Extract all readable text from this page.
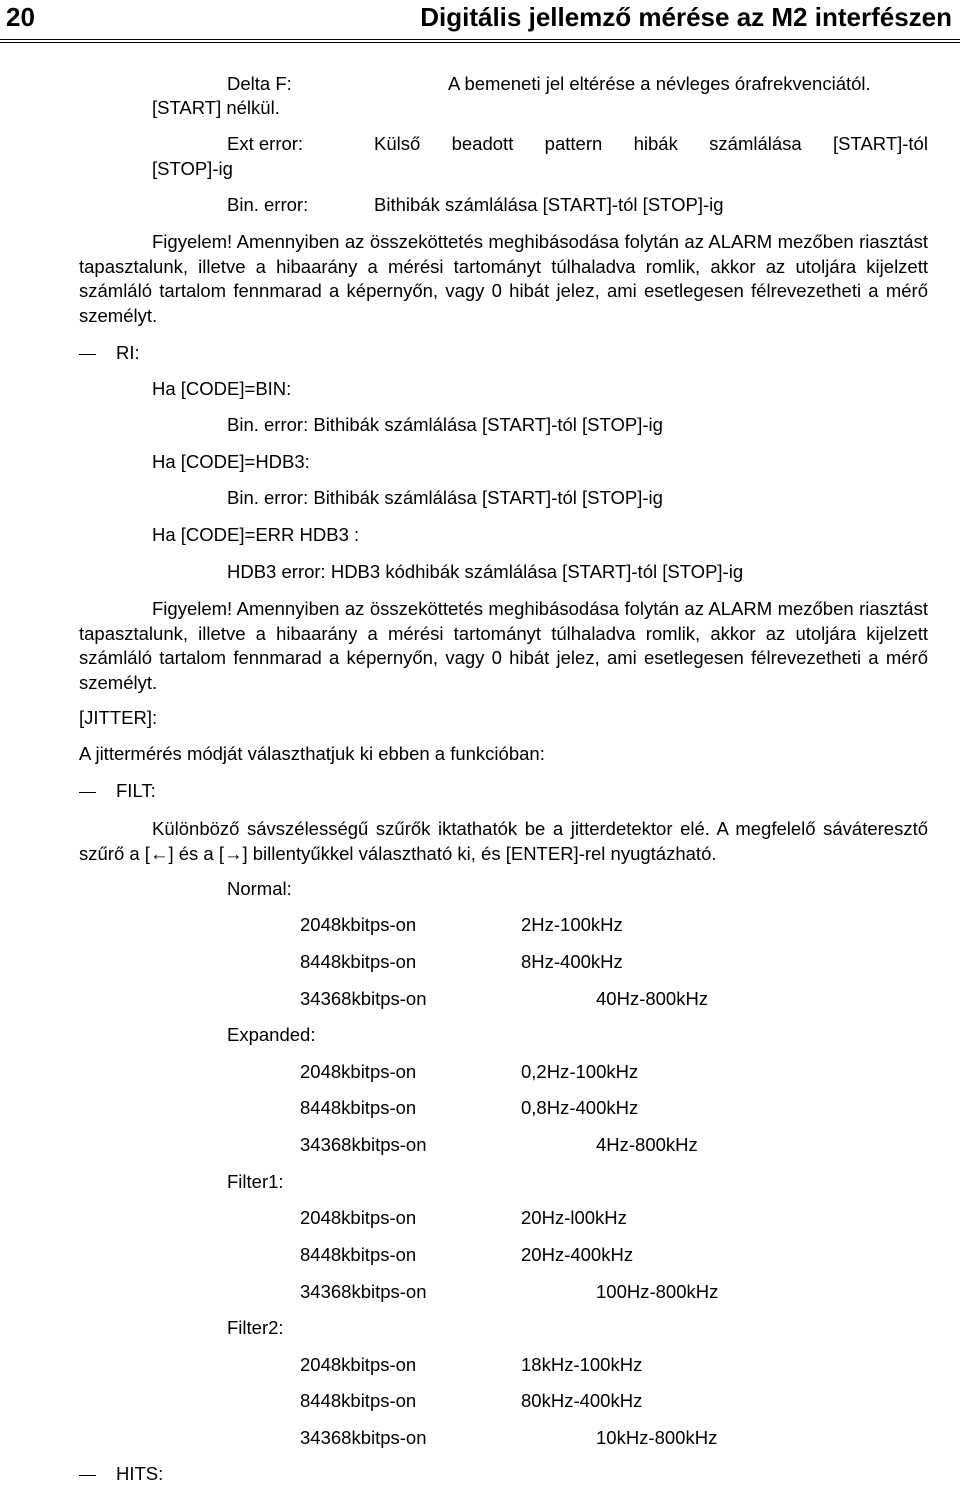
20	Digitális jellemző mérése az M2 interfészen
Delta F:	A bemeneti jel eltérése a névleges órafrekvenciától.
[START] nélkül.
Ext error:	Külső beadott pattern hibák számlálása [START]-tól
[STOP]-ig
Bin. error:	Bithibák számlálása [START]-tól [STOP]-ig
Figyelem! Amennyiben az összeköttetés meghibásodása folytán az ALARM mezőben riasztást tapasztalunk, illetve a hibaarány a mérési tartományt túlhaladva romlik, akkor az utoljára kijelzett számláló tartalom fennmarad a képernyőn, vagy 0 hibát jelez, ami esetlegesen félrevezetheti a mérő személyt.
RI:
Ha [CODE]=BIN:
Bin. error: Bithibák számlálása [START]-tól [STOP]-ig
Ha [CODE]=HDB3:
Bin. error: Bithibák számlálása [START]-tól [STOP]-ig
Ha [CODE]=ERR HDB3 :
HDB3 error: HDB3 kódhibák számlálása [START]-tól [STOP]-ig
Figyelem! Amennyiben az összeköttetés meghibásodása folytán az ALARM mezőben riasztást tapasztalunk, illetve a hibaarány a mérési tartományt túlhaladva romlik, akkor az utoljára kijelzett számláló tartalom fennmarad a képernyőn, vagy 0 hibát jelez, ami esetlegesen félrevezetheti a mérő személyt.
[JITTER]:
A jittermérés módját választhatjuk ki ebben a funkcióban:
FILT:
Különböző sávszélességű szűrők iktathatók be a jitterdetektor elé. A megfelelő sáváteresztő szűrő a [←] és a [→] billentyűkkel választható ki, és [ENTER]-rel nyugtázható.
Normal:
2048kbitps-on	2Hz-100kHz
8448kbitps-on	8Hz-400kHz
34368kbitps-on	40Hz-800kHz
Expanded:
2048kbitps-on	0,2Hz-100kHz
8448kbitps-on	0,8Hz-400kHz
34368kbitps-on	4Hz-800kHz
Filter1:
2048kbitps-on	20Hz-l00kHz
8448kbitps-on	20Hz-400kHz
34368kbitps-on	100Hz-800kHz
Filter2:
2048kbitps-on	18kHz-100kHz
8448kbitps-on	80kHz-400kHz
34368kbitps-on	10kHz-800kHz
HITS:
